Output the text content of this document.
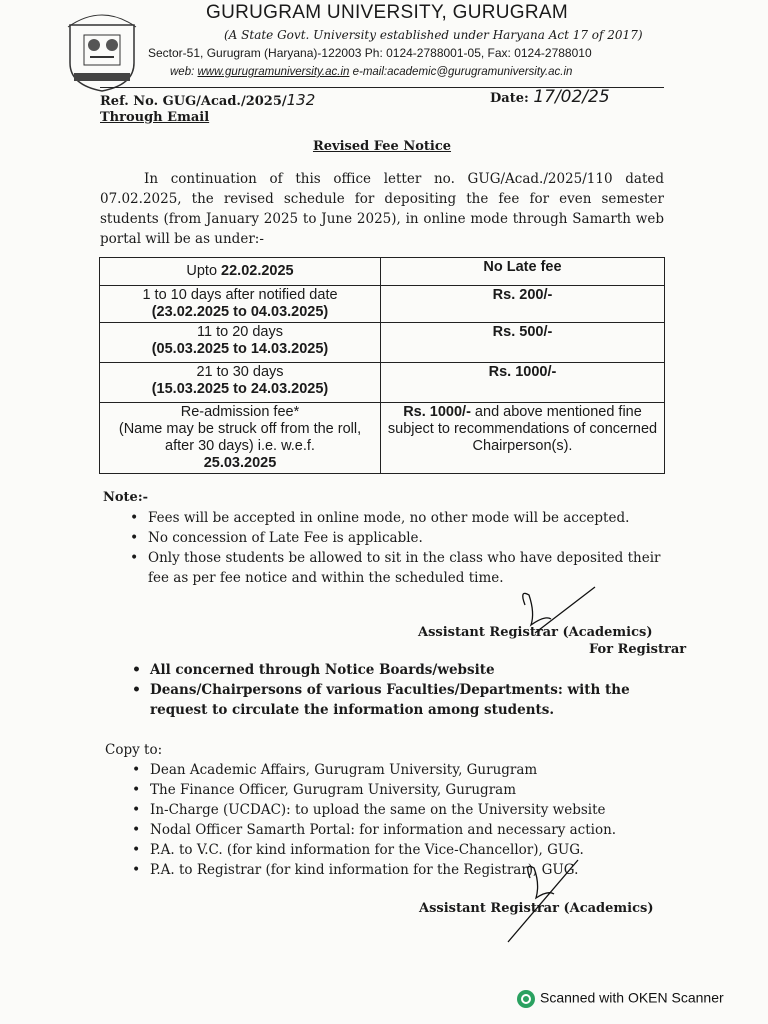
GURUGRAM UNIVERSITY, GURUGRAM
(A State Govt. University established under Haryana Act 17 of 2017)
Sector-51, Gurugram (Haryana)-122003 Ph: 0124-2788001-05, Fax: 0124-2788010
web: www.gurugramuniversity.ac.in e-mail:academic@gurugramuniversity.ac.in
Ref. No. GUG/Acad./2025/132	Date: 17/02/25
Through Email
Revised Fee Notice
In continuation of this office letter no. GUG/Acad./2025/110 dated 07.02.2025, the revised schedule for depositing the fee for even semester students (from January 2025 to June 2025), in online mode through Samarth web portal will be as under:-
Upto 22.02.2025	No Late fee

1 to 10 days after notified date
(23.02.2025 to 04.03.2025)	Rs. 200/-

11 to 20 days
(05.03.2025 to 14.03.2025)	Rs. 500/-

21 to 30 days
(15.03.2025 to 24.03.2025)	Rs. 1000/-

Re-admission fee*
(Name may be struck off from the roll, after 30 days) i.e. w.e.f.
25.03.2025	Rs. 1000/- and above mentioned fine subject to recommendations of concerned Chairperson(s).
Note:-
• Fees will be accepted in online mode, no other mode will be accepted.
• No concession of Late Fee is applicable.
• Only those students be allowed to sit in the class who have deposited their fee as per fee notice and within the scheduled time.
Assistant Registrar (Academics)
For Registrar
• All concerned through Notice Boards/website
• Deans/Chairpersons of various Faculties/Departments: with the request to circulate the information among students.
Copy to:
• Dean Academic Affairs, Gurugram University, Gurugram
• The Finance Officer, Gurugram University, Gurugram
• In-Charge (UCDAC): to upload the same on the University website
• Nodal Officer Samarth Portal: for information and necessary action.
• P.A. to V.C. (for kind information for the Vice-Chancellor), GUG.
• P.A. to Registrar (for kind information for the Registrar), GUG.
Assistant Registrar (Academics)
Scanned with OKEN Scanner
